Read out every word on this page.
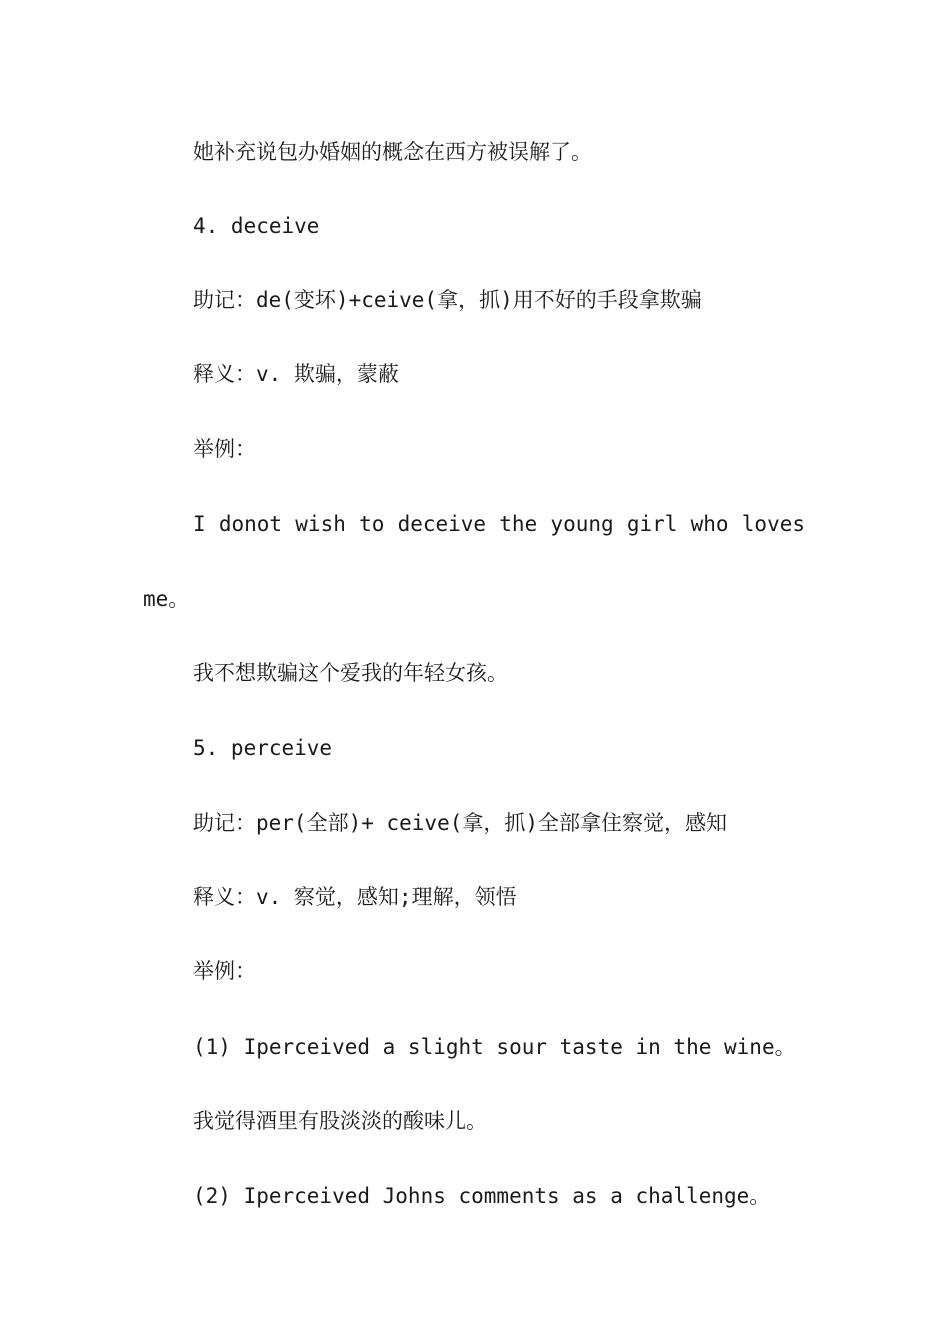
她补充说包办婚姻的概念在西方被误解了。

4. deceive

助记：de(变坏)+ceive(拿，抓)用不好的手段拿欺骗

释义：v. 欺骗，蒙蔽

举例：

I donot wish to deceive the young girl who loves

me。

我不想欺骗这个爱我的年轻女孩。

5. perceive

助记：per(全部)+ ceive(拿，抓)全部拿住察觉，感知

释义：v. 察觉，感知;理解，领悟

举例：

(1) Iperceived a slight sour taste in the wine。

我觉得酒里有股淡淡的酸味儿。

(2) Iperceived Johns comments as a challenge。
